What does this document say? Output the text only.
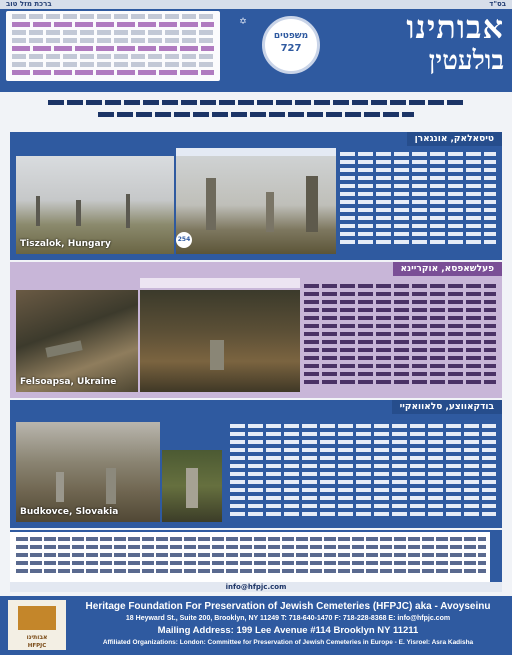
בס"ד
ברכת מזל טוב
✡
משפטים
727
אבותינו
בולעטין
טיסאלאק, אונגארן
Tiszalok, Hungary	254
פעלשאפסא, אוקריינא
Felsoapsa, Ukraine
בודקאווצע, סלאוואקיי
Budkovce, Slovakia
info@hfpjc.com
אבותינו
HFPJC
Heritage Foundation For Preservation of Jewish Cemeteries (HFPJC) aka - Avoyseinu
18 Heyward St., Suite 200, Brooklyn, NY 11249 T: 718-640-1470 F: 718-228-8368 E: info@hfpjc.com
Mailing Address: 199 Lee Avenue #114 Brooklyn NY 11211
Affiliated Organizations: London: Committee for Preservation of Jewish Cemeteries in Europe - E. Yisroel: Asra Kadisha
